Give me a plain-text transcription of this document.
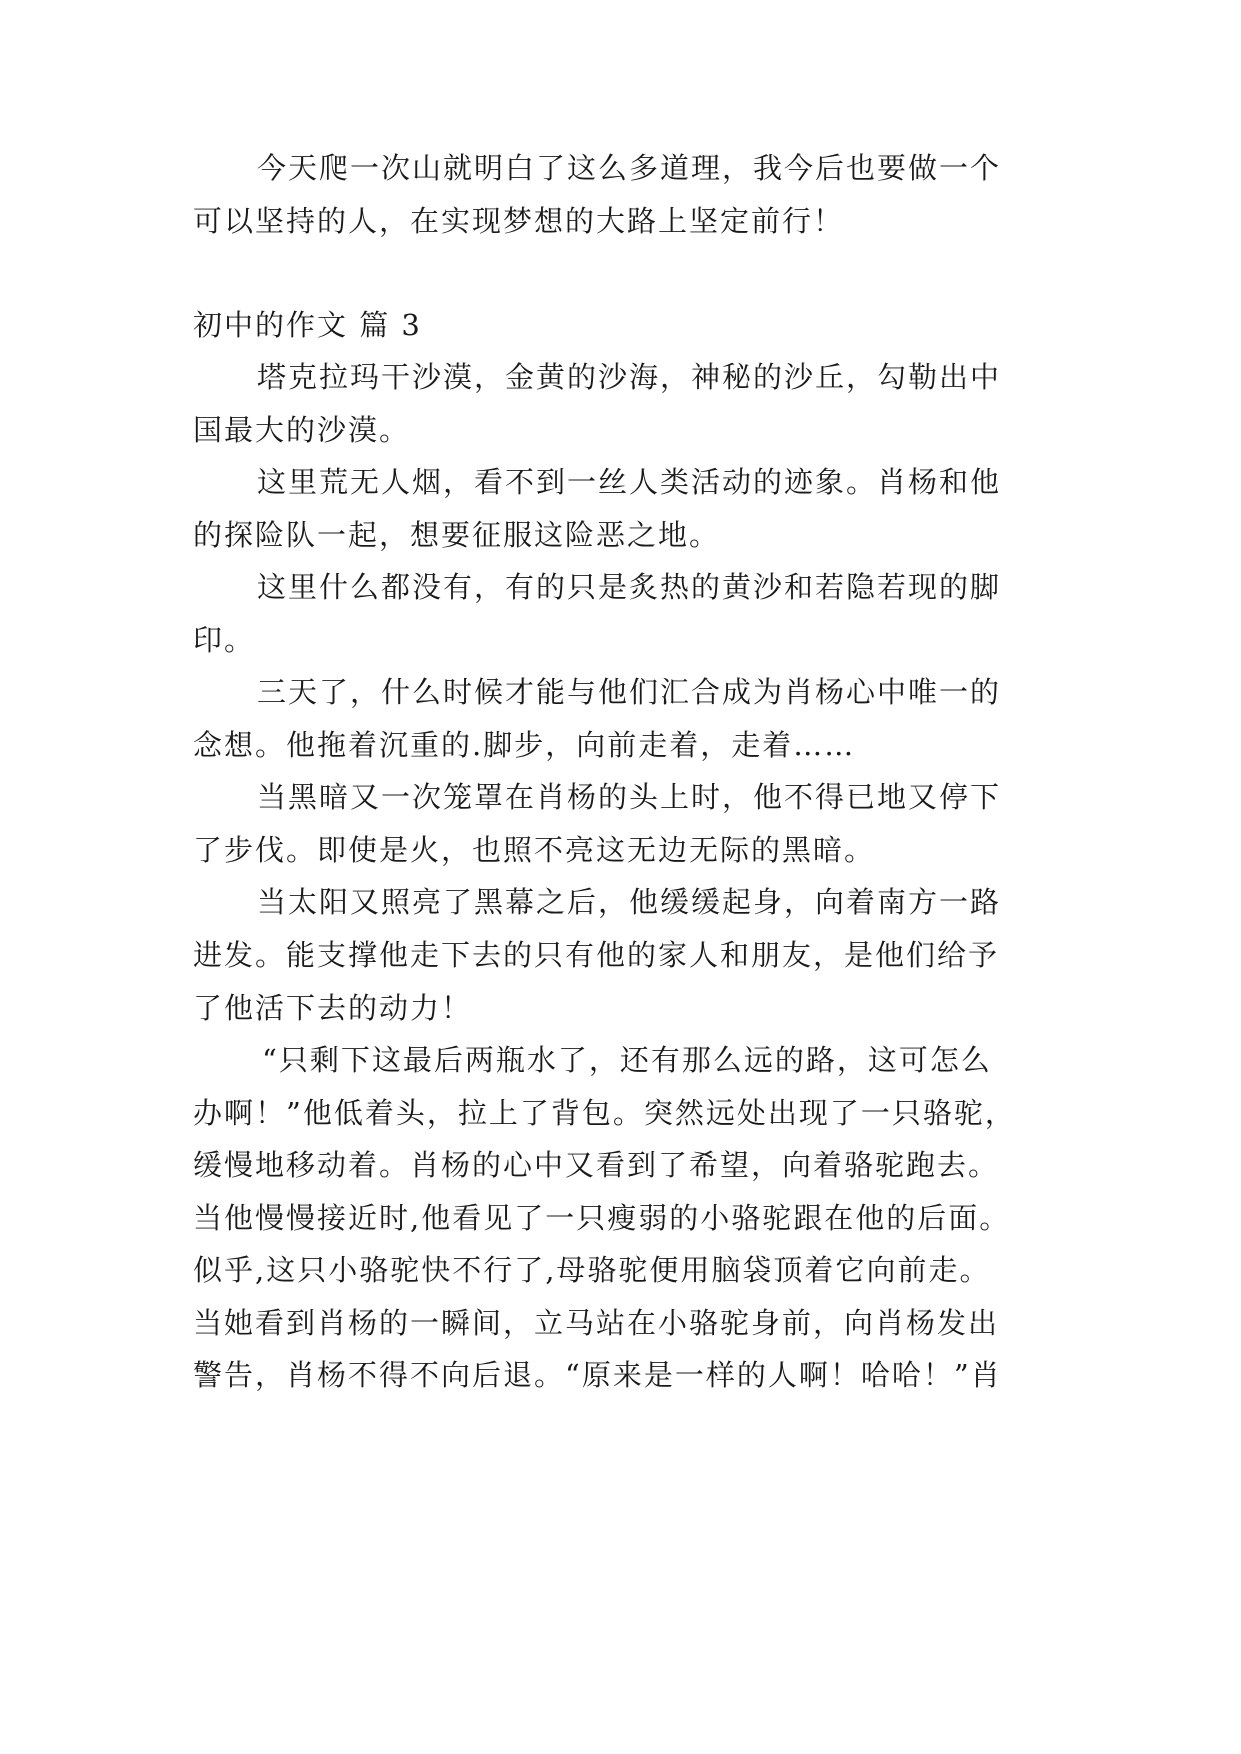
今天爬一次山就明白了这么多道理，我今后也要做一个
可以坚持的人，在实现梦想的大路上坚定前行！
初中的作文 篇 3
塔克拉玛干沙漠，金黄的沙海，神秘的沙丘，勾勒出中
国最大的沙漠。
这里荒无人烟，看不到一丝人类活动的迹象。肖杨和他
的探险队一起，想要征服这险恶之地。
这里什么都没有，有的只是炙热的黄沙和若隐若现的脚
印。
三天了，什么时候才能与他们汇合成为肖杨心中唯一的
念想。他拖着沉重的.脚步，向前走着，走着……
当黑暗又一次笼罩在肖杨的头上时，他不得已地又停下
了步伐。即使是火，也照不亮这无边无际的黑暗。
当太阳又照亮了黑幕之后，他缓缓起身，向着南方一路
进发。能支撑他走下去的只有他的家人和朋友，是他们给予
了他活下去的动力！
“只剩下这最后两瓶水了，还有那么远的路，这可怎么
办啊！”他低着头，拉上了背包。突然远处出现了一只骆驼，
缓慢地移动着。肖杨的心中又看到了希望，向着骆驼跑去。
当他慢慢接近时,他看见了一只瘦弱的小骆驼跟在他的后面。
似乎,这只小骆驼快不行了,母骆驼便用脑袋顶着它向前走。
当她看到肖杨的一瞬间，立马站在小骆驼身前，向肖杨发出
警告，肖杨不得不向后退。“原来是一样的人啊！哈哈！”肖
